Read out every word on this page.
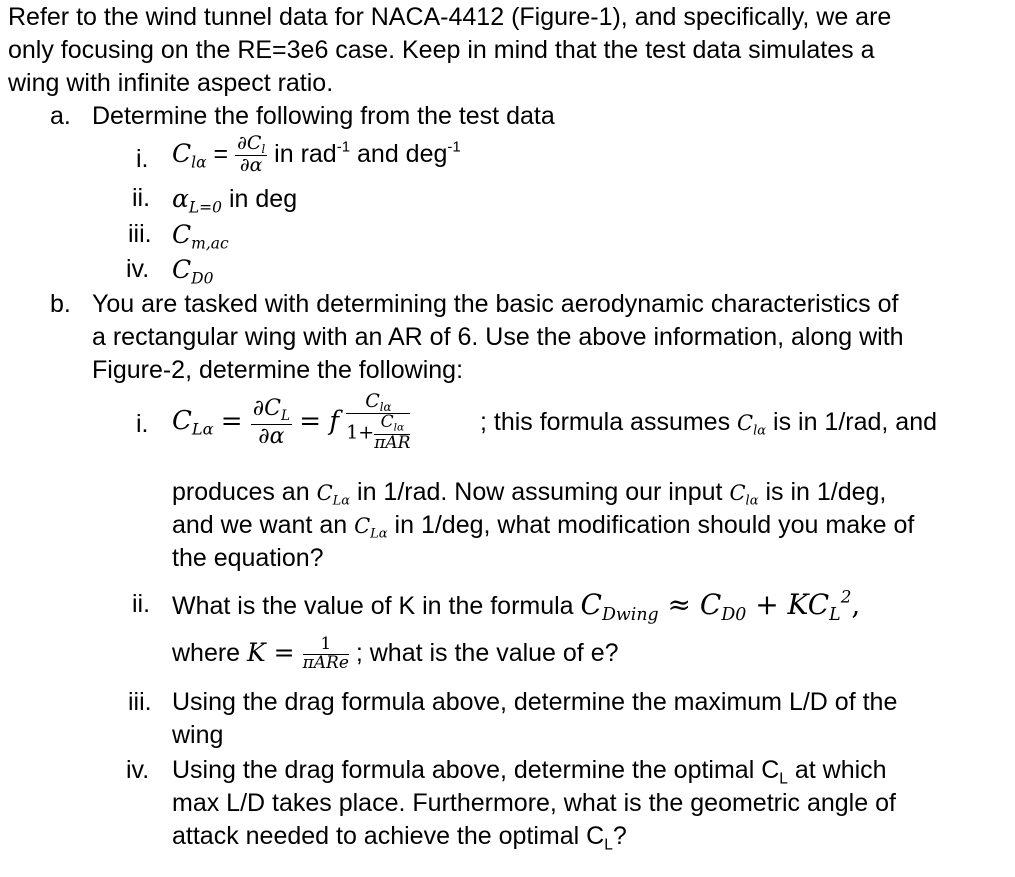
Refer to the wind tunnel data for NACA-4412 (Figure-1), and specifically, we are
only focusing on the RE=3e6 case. Keep in mind that the test data simulates a
wing with infinite aspect ratio.
a. Determine the following from the test data
i. $C_{l\alpha} = \frac{\partial C_l}{\partial\alpha}$ in rad$^{-1}$ and deg$^{-1}$
ii. $\alpha_{L=0}$ in deg
iii. $C_{m,ac}$
iv. $C_{D0}$
b. You are tasked with determining the basic aerodynamic characteristics of
a rectangular wing with an AR of 6. Use the above information, along with
Figure-2, determine the following:
i. $C_{L\alpha} = \frac{\partial C_L}{\partial\alpha} = f \frac{C_{l\alpha}}{1+ \frac{C_{l\alpha}}{\text{πAR}}}$	; this formula assumes $C_{l\alpha}$ is in 1/rad, and
produces an $C_{L\alpha}$ in 1/rad. Now assuming our input $C_{l\alpha}$ is in 1/deg,
and we want an $C_{L\alpha}$ in 1/deg, what modification should you make of
the equation?
ii. What is the value of K in the formula $C_{Dwing} \approx C_{D0} + KC_L^2$,
where $K = \frac{1}{\text{πARe}}$ ; what is the value of e?
iii. Using the drag formula above, determine the maximum L/D of the
wing
iv. Using the drag formula above, determine the optimal $C_L$ at which
max L/D takes place. Furthermore, what is the geometric angle of
attack needed to achieve the optimal $C_L$?
